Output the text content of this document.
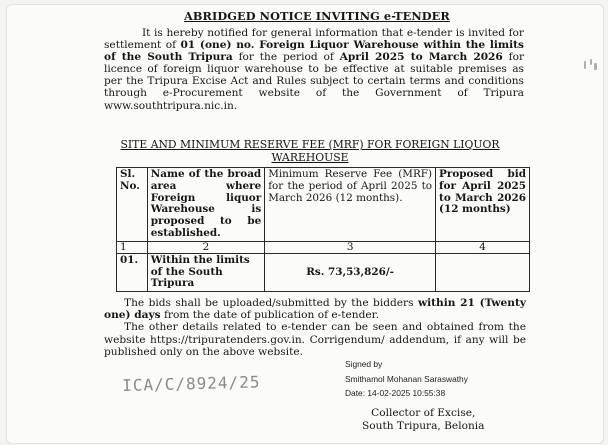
ABRIDGED NOTICE INVITING e-TENDER
It is hereby notified for general information that e-tender is invited for
settlement of 01 (one) no. Foreign Liquor Warehouse within the limits
of the South Tripura for the period of April 2025 to March 2026 for
licence of foreign liquor warehouse to be effective at suitable premises as
per the Tripura Excise Act and Rules subject to certain terms and conditions
through e-Procurement website of the Government of Tripura
www.southtripura.nic.in.
SITE AND MINIMUM RESERVE FEE (MRF) FOR FOREIGN LIQUOR
WAREHOUSE
Sl. No.	Name of the broad area where Foreign liquor Warehouse is proposed to be established.	Minimum Reserve Fee (MRF) for the period of April 2025 to March 2026 (12 months).	Proposed bid for April 2025 to March 2026 (12 months)
1	2	3	4
01.	Within the limits of the South Tripura	Rs. 73,53,826/-	
The bids shall be uploaded/submitted by the bidders within 21 (Twenty
one) days from the date of publication of e-tender.
The other details related to e-tender can be seen and obtained from the
website https://tripuratenders.gov.in. Corrigendum/ addendum, if any will be
published only on the above website.
Signed by
Smithamol Mohanan Saraswathy
Date: 14-02-2025 10:55:38
ICA/C/8924/25
Collector of Excise,
South Tripura, Belonia
